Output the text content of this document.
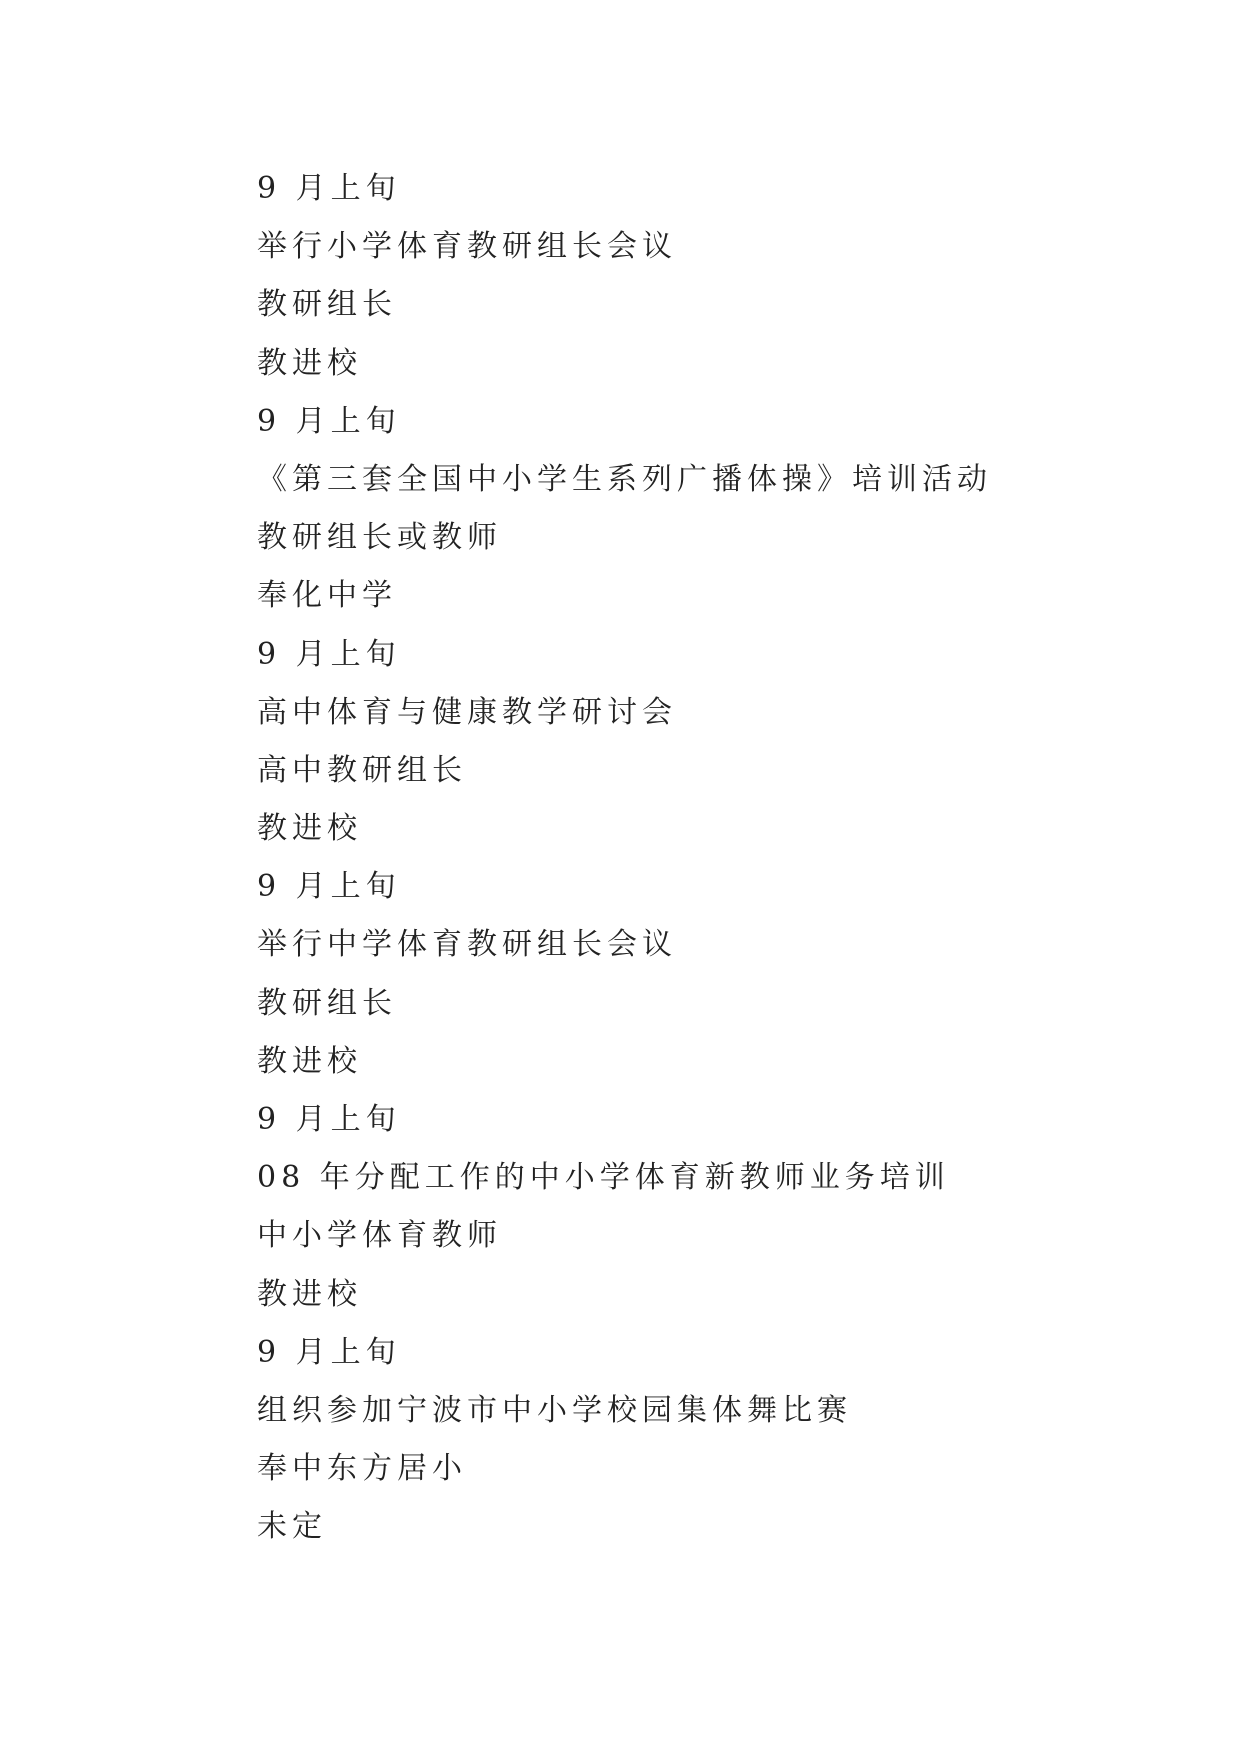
9 月上旬
举行小学体育教研组长会议
教研组长
教进校
9 月上旬
《第三套全国中小学生系列广播体操》培训活动
教研组长或教师
奉化中学
9 月上旬
高中体育与健康教学研讨会
高中教研组长
教进校
9 月上旬
举行中学体育教研组长会议
教研组长
教进校
9 月上旬
08 年分配工作的中小学体育新教师业务培训
中小学体育教师
教进校
9 月上旬
组织参加宁波市中小学校园集体舞比赛
奉中东方居小
未定
